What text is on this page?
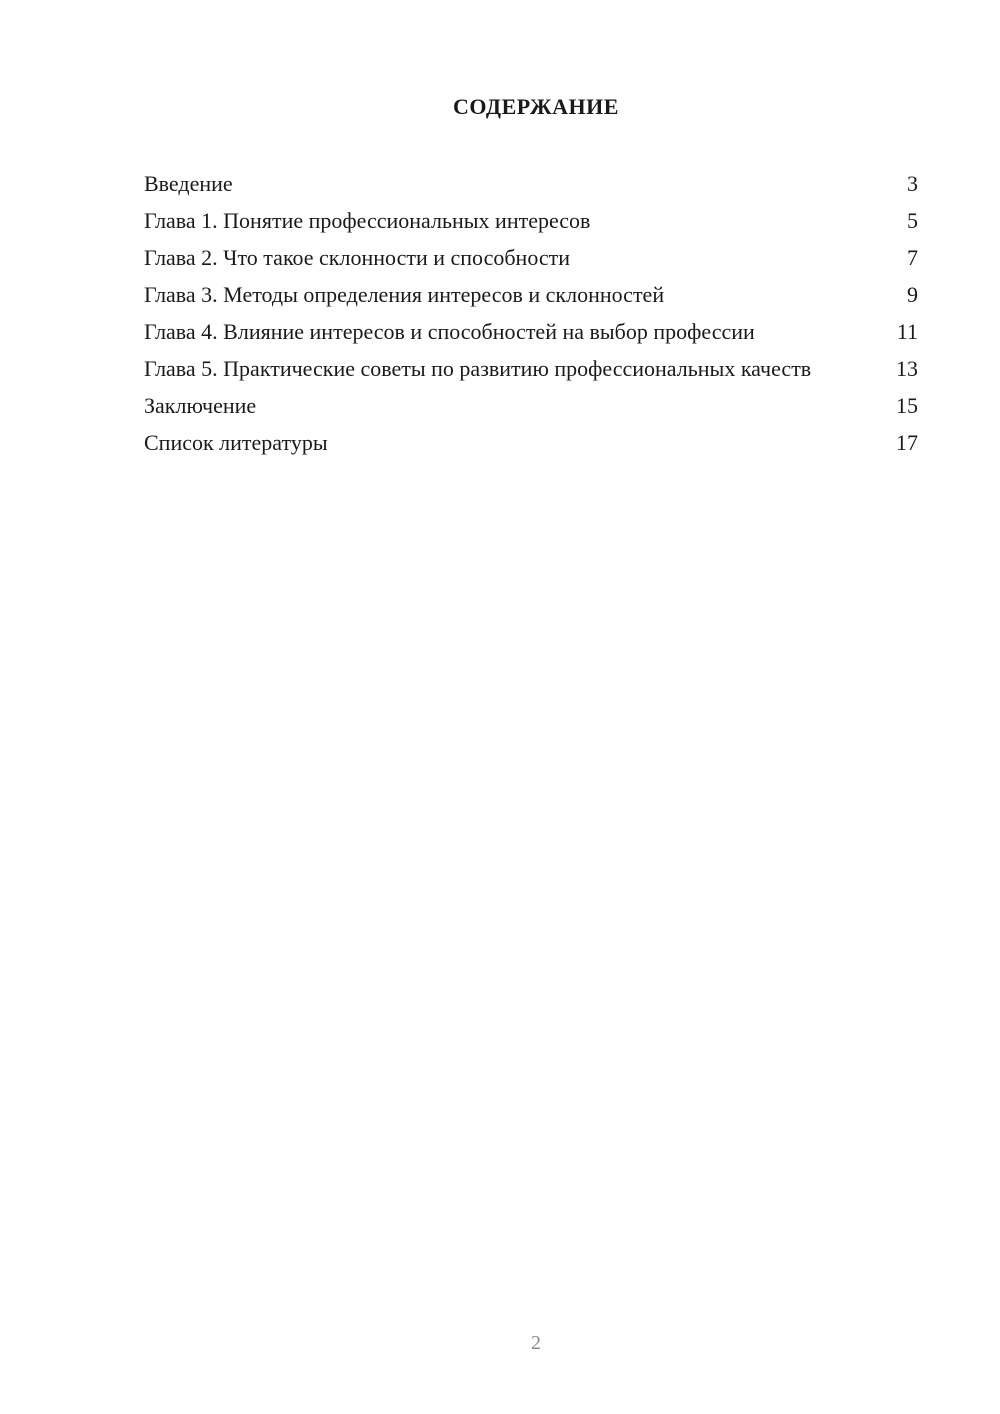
СОДЕРЖАНИЕ
Введение	3
Глава 1. Понятие профессиональных интересов	5
Глава 2. Что такое склонности и способности	7
Глава 3. Методы определения интересов и склонностей	9
Глава 4. Влияние интересов и способностей на выбор профессии	11
Глава 5. Практические советы по развитию профессиональных качеств	13
Заключение	15
Список литературы	17
2
